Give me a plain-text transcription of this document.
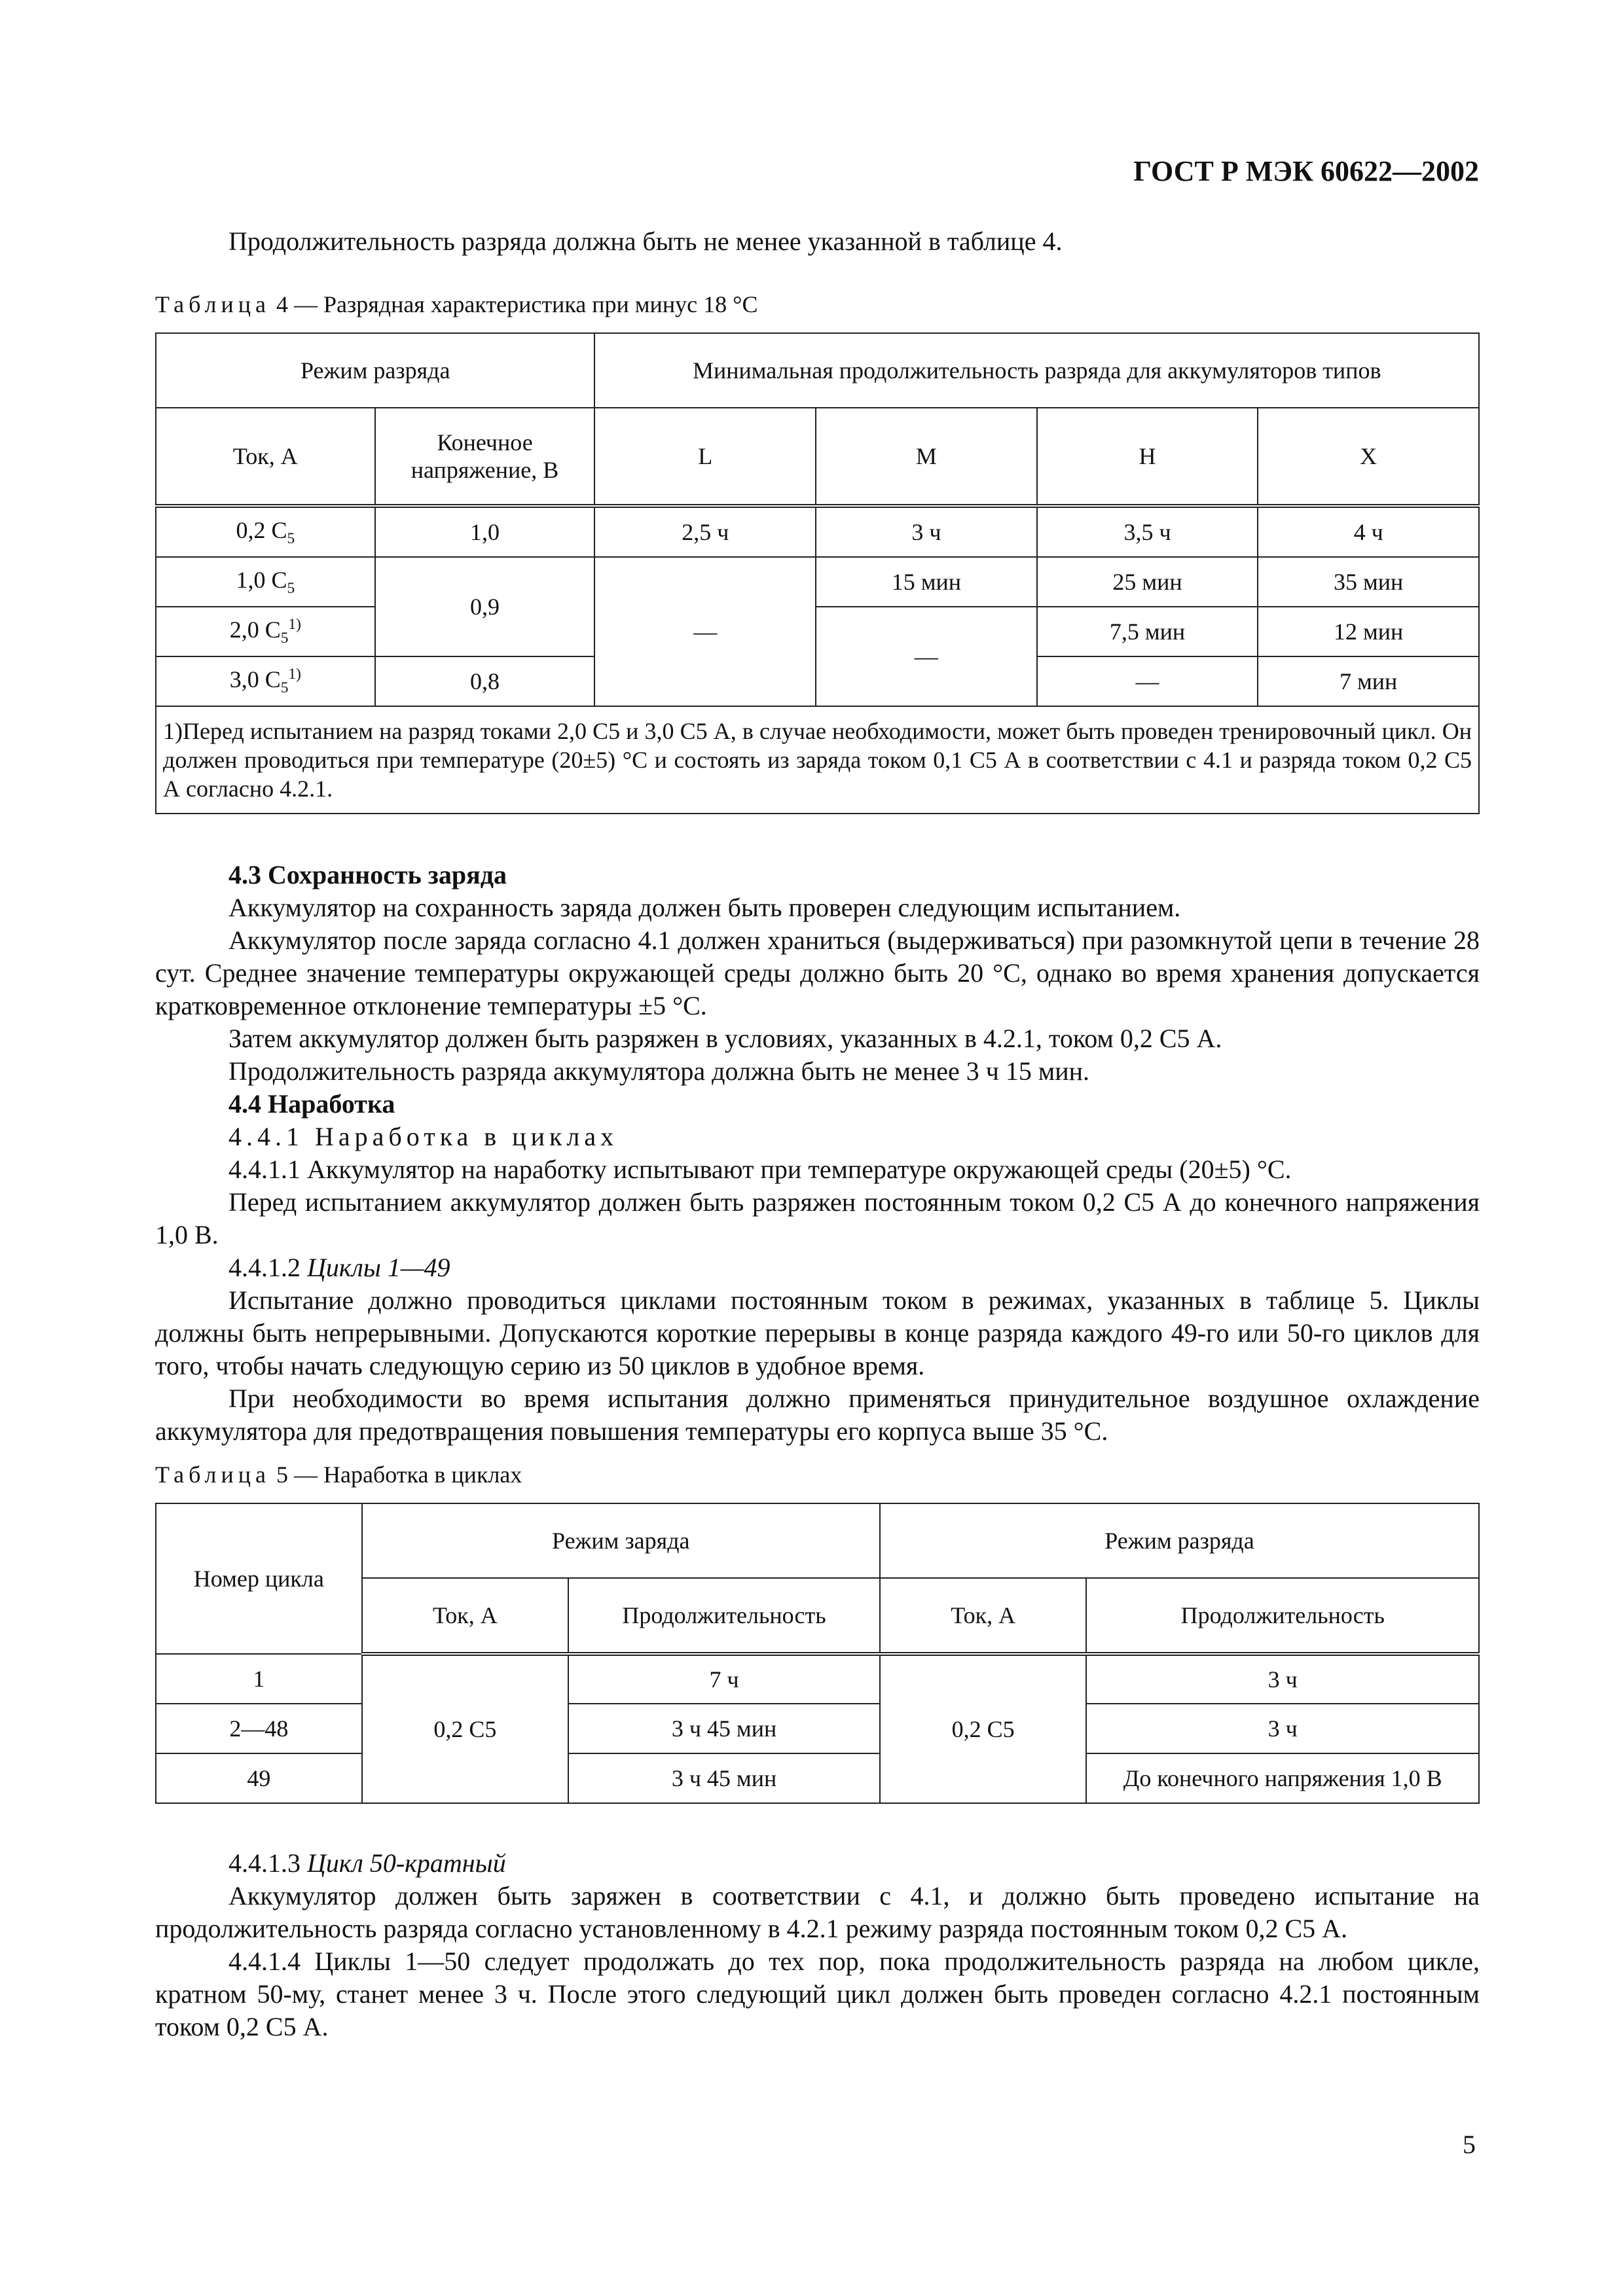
ГОСТ Р МЭК 60622—2002
Продолжительность разряда должна быть не менее указанной в таблице 4.
Таблица 4 — Разрядная характеристика при минус 18 °С
Режим разряда		Минимальная продолжительность разряда для аккумуляторов типов			
Ток, А	Конечное напряжение, В	L	M	H	X
0,2 $C_5$	1,0	2,5 ч	3 ч	3,5 ч	4 ч
1,0 $C_5$	0,9	—	15 мин	25 мин	35 мин
2,0 $C_5^{1)}$			—	7,5 мин	12 мин
3,0 $C_5^{1)}$	0,8			—	7 мин
1)Перед испытанием на разряд токами 2,0 C5 и 3,0 C5 А, в случае необходимости, может быть проведен тренировочный цикл. Он должен проводиться при температуре (20±5) °С и состоять из заряда током 0,1 C5 А в соответствии с 4.1 и разряда током 0,2 C5 А согласно 4.2.1.					
4.3 Сохранность заряда
Аккумулятор на сохранность заряда должен быть проверен следующим испытанием.
Аккумулятор после заряда согласно 4.1 должен храниться (выдерживаться) при разомкнутой цепи в течение 28 сут. Среднее значение температуры окружающей среды должно быть 20 °С, однако во время хранения допускается кратковременное отклонение температуры ±5 °С.
Затем аккумулятор должен быть разряжен в условиях, указанных в 4.2.1, током 0,2 C5 А.
Продолжительность разряда аккумулятора должна быть не менее 3 ч 15 мин.
4.4 Наработка
4.4.1 Наработка в циклах
4.4.1.1 Аккумулятор на наработку испытывают при температуре окружающей среды (20±5) °С.
Перед испытанием аккумулятор должен быть разряжен постоянным током 0,2 C5 А до конечного напряжения 1,0 В.
4.4.1.2 Циклы 1—49
Испытание должно проводиться циклами постоянным током в режимах, указанных в таблице 5. Циклы должны быть непрерывными. Допускаются короткие перерывы в конце разряда каждого 49-го или 50-го циклов для того, чтобы начать следующую серию из 50 циклов в удобное время.
При необходимости во время испытания должно применяться принудительное воздушное охлаждение аккумулятора для предотвращения повышения температуры его корпуса выше 35 °С.
Таблица 5 — Наработка в циклах
Номер цикла	Режим заряда		Режим разряда	
	Ток, А	Продолжительность	Ток, А	Продолжительность
1	0,2 C5	7 ч	0,2 C5	3 ч
2—48		3 ч 45 мин		3 ч
49		3 ч 45 мин		До конечного напряжения 1,0 В
4.4.1.3 Цикл 50-кратный
Аккумулятор должен быть заряжен в соответствии с 4.1, и должно быть проведено испытание на продолжительность разряда согласно установленному в 4.2.1 режиму разряда постоянным током 0,2 C5 А.
4.4.1.4 Циклы 1—50 следует продолжать до тех пор, пока продолжительность разряда на любом цикле, кратном 50-му, станет менее 3 ч. После этого следующий цикл должен быть проведен согласно 4.2.1 постоянным током 0,2 C5 А.
5
